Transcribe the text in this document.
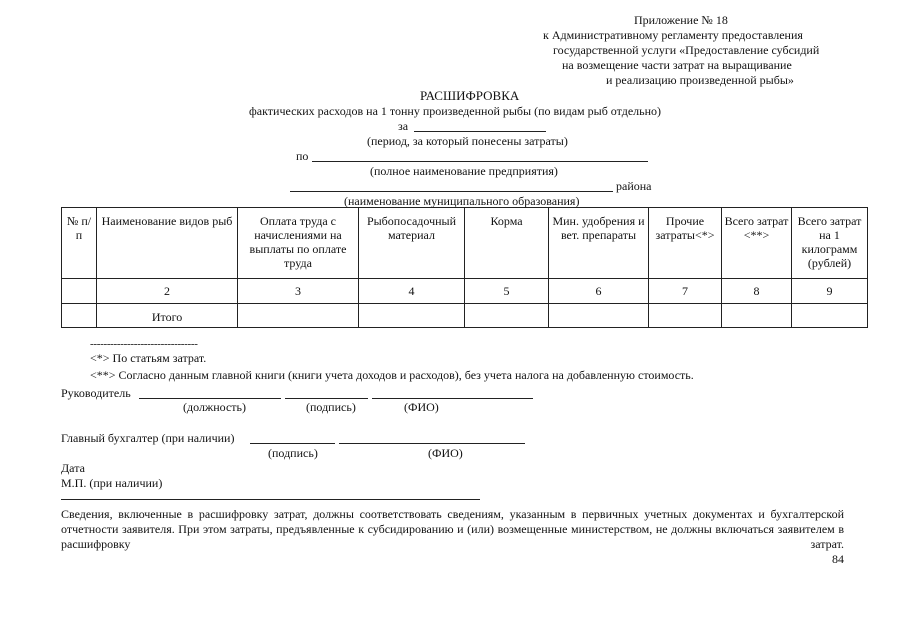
Приложение № 18
к Административному регламенту предоставления
государственной услуги «Предоставление субсидий
на возмещение части затрат на выращивание
и реализацию произведенной рыбы»
РАСШИФРОВКА
фактических расходов на 1 тонну произведенной рыбы (по видам рыб отдельно)
за
(период, за который понесены затраты)
по
(полное наименование предприятия)
района
(наименование муниципального образования)
№ п/п	Наименование видов рыб	Оплата труда с начислениями на выплаты по оплате труда	Рыбопосадочный материал	Корма	Мин. удобрения и вет. препараты	Прочие затраты<*>	Всего затрат <**>	Всего затрат на 1 килограмм (рублей)
	2	3	4	5	6	7	8	9
	Итого							
--------------------------------
<*> По статьям затрат.
<**> Согласно данным главной книги (книги учета доходов и расходов), без учета налога на добавленную стоимость.
Руководитель
(должность)	(подпись)	(ФИО)
Главный бухгалтер (при наличии)
(подпись)	(ФИО)
Дата
М.П. (при наличии)
Сведения, включенные в расшифровку затрат, должны соответствовать сведениям, указанным в первичных учетных документах и бухгалтерской отчетности заявителя. При этом затраты, предъявленные к субсидированию и (или) возмещенные министерством, не должны включаться заявителем в расшифровку затрат.
84
